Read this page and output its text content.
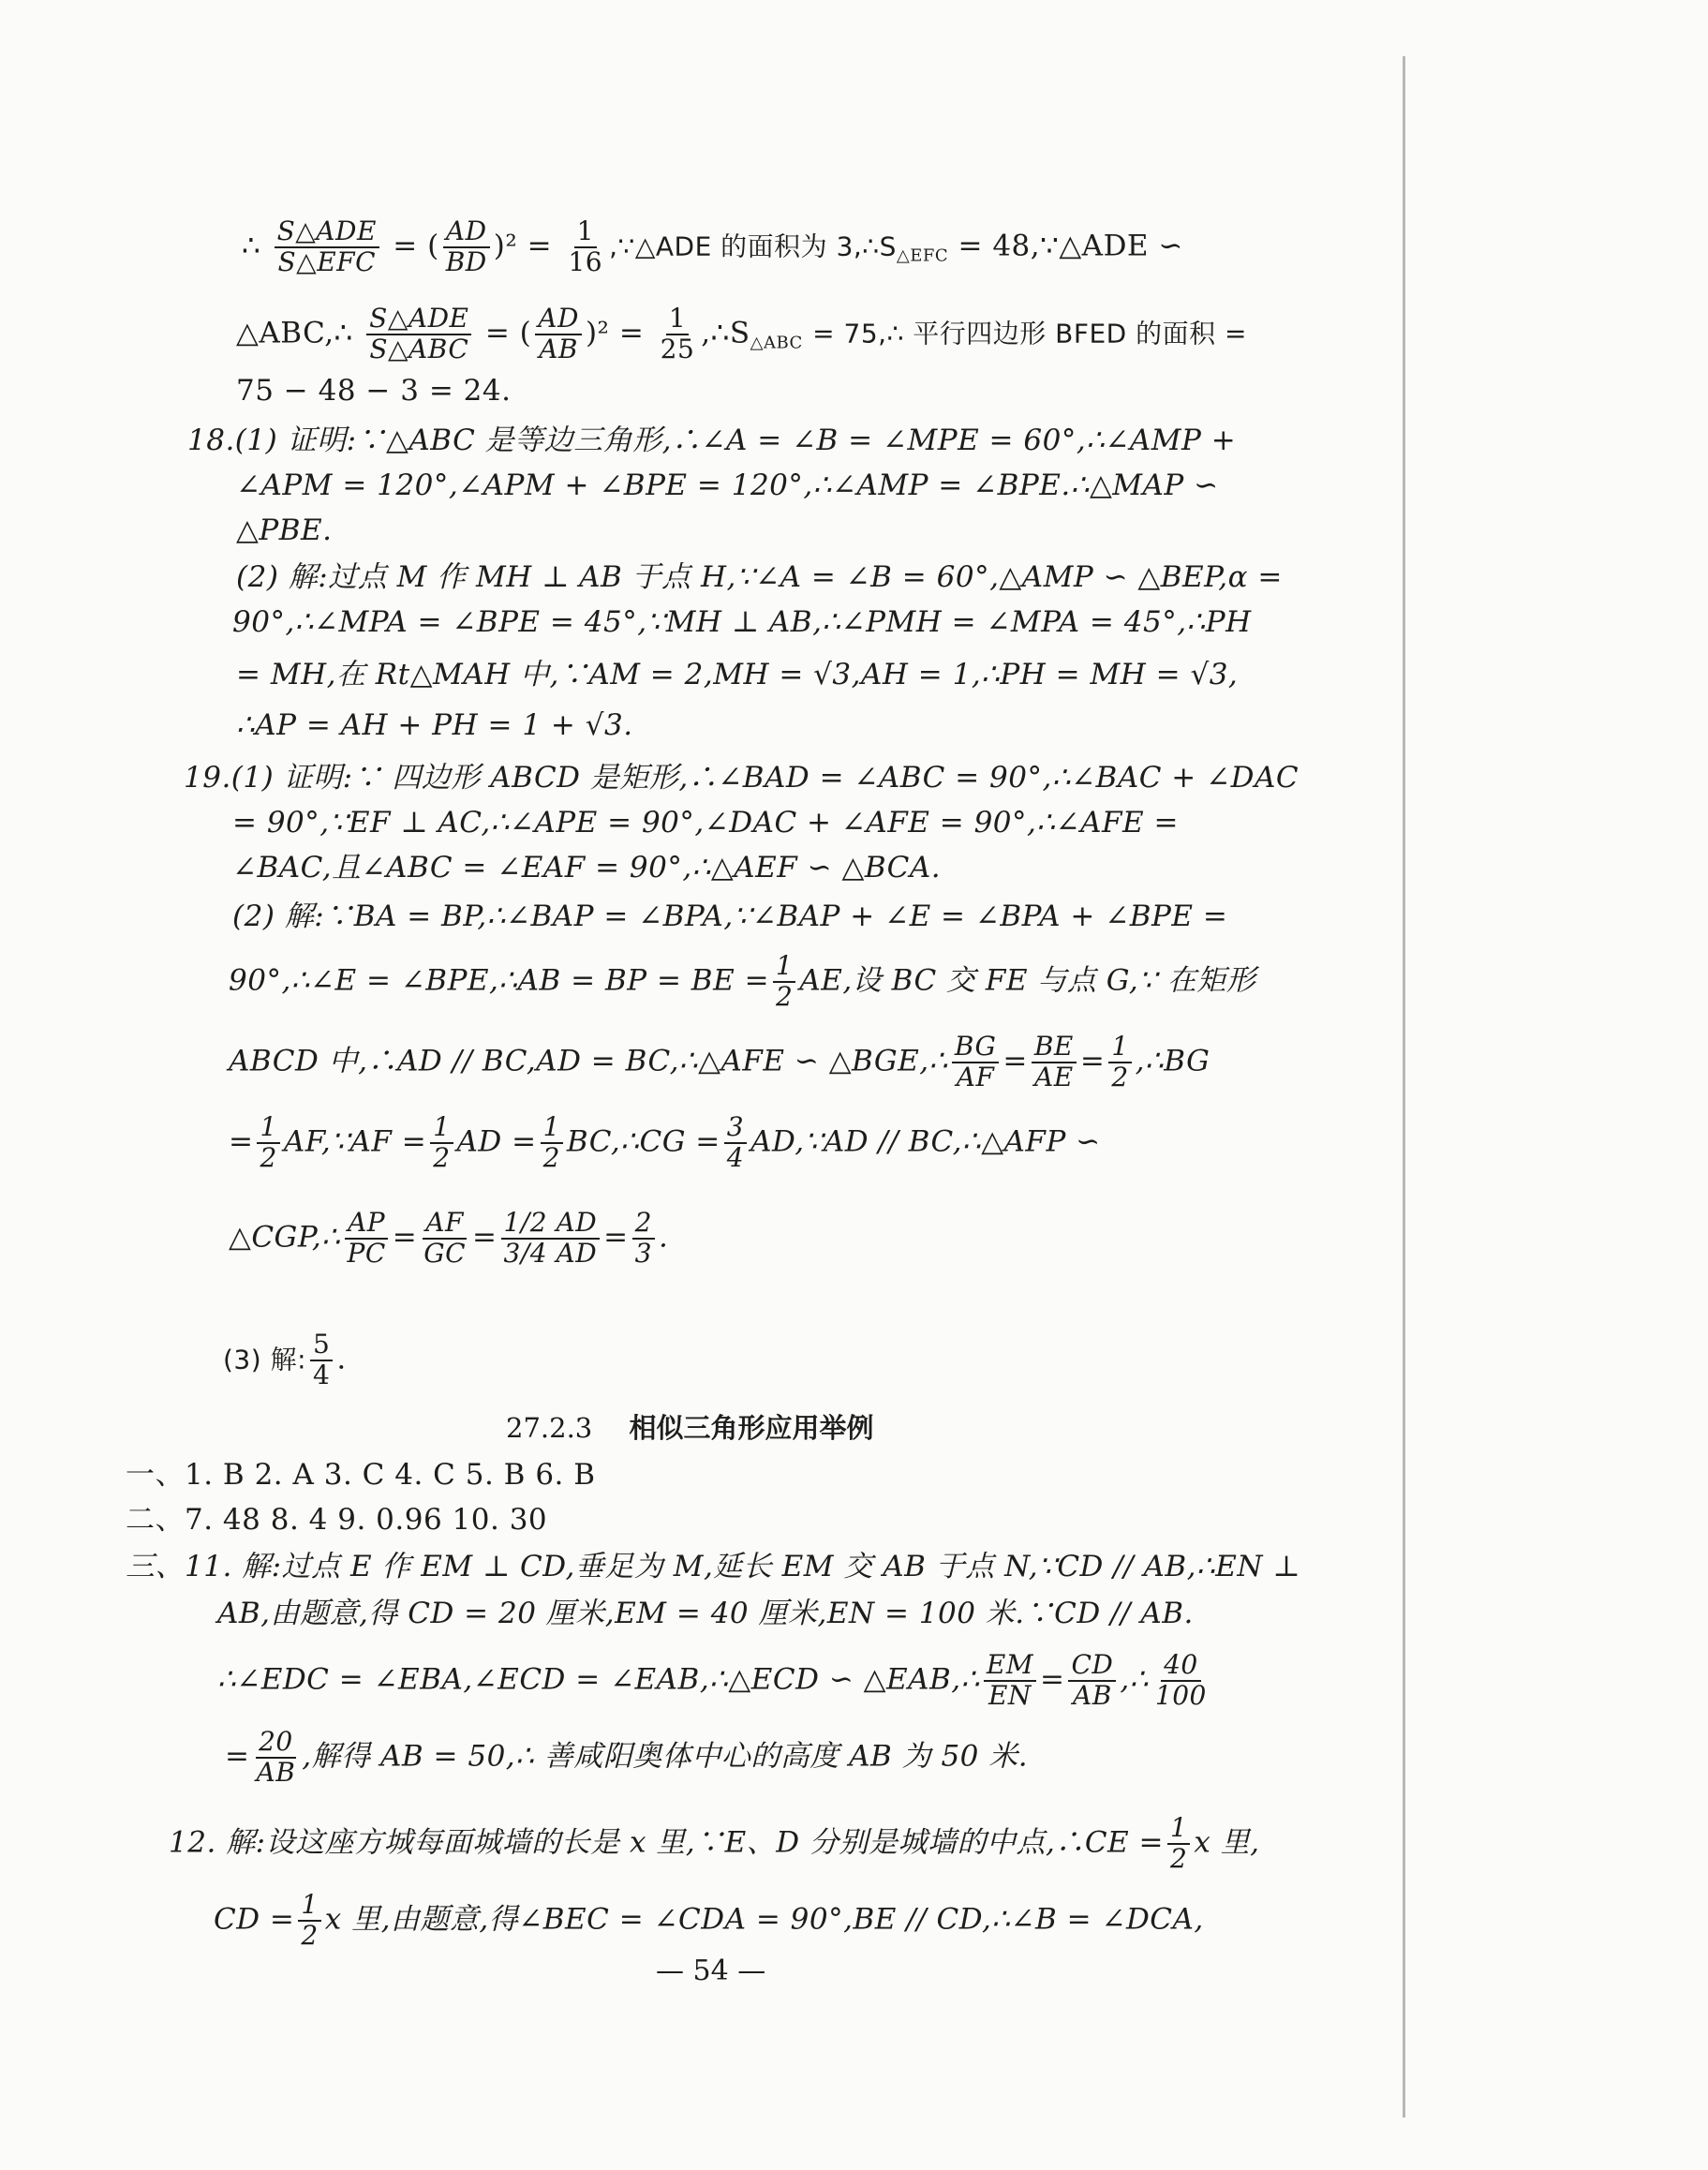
∴ $\frac{\text{S△ADE}}{\text{S△EFC}}$ = ( $\frac{AD}{BD} )^2 = \frac{1}{16}$ ,∵△ADE 的面积为 $3,\therefore S_{\triangle EFC}$ = 48,∵△ADE ∽
△ABC,∴ $\frac{\text{S△ADE}}{\text{S△ABC}}$ = ( $\frac{AD}{AB} )^2 = \frac{1}{25}$ $,\therefore S_{\triangle ABC}$ = 75,∴ 平行四边形 BFED 的面积 =
75 − 48 − 3 = 24.
18.(1) 证明:∵△ABC 是等边三角形,∴∠A = ∠B = ∠MPE = 60°,∴∠AMP +
∠APM = 120°,∠APM + ∠BPE = 120°,∴∠AMP = ∠BPE.∴△MAP ∽
△PBE.
(2) 解:过点 M 作 MH ⊥ AB 于点 H,∵∠A = ∠B = 60°,△AMP ∽ △BEP,α =
90°,∴∠MPA = ∠BPE = 45°,∵MH ⊥ AB,∴∠PMH = ∠MPA = 45°,∴PH
= MH,在 Rt△MAH 中,∵AM = 2,MH = √3,AH = 1,∴PH = MH = √3,
∴AP = AH + PH = 1 + √3.
19.(1) 证明:∵ 四边形 ABCD 是矩形,∴∠BAD = ∠ABC = 90°,∴∠BAC + ∠DAC
= 90°,∵EF ⊥ AC,∴∠APE = 90°,∠DAC + ∠AFE = 90°,∴∠AFE =
∠BAC,且∠ABC = ∠EAF = 90°,∴△AEF ∽ △BCA.
(2) 解:∵BA = BP,∴∠BAP = ∠BPA,∵∠BAP + ∠E = ∠BPA + ∠BPE =
90°,∴∠E = ∠BPE,∴AB = BP = BE = $\frac{1}{2}$ AE,设 BC 交 FE 与点 G,∵ 在矩形
ABCD 中,∴AD // BC,AD = BC,∴△AFE ∽ △BGE,∴ $\frac{BG}{AF} = \frac{BE}{AE} = \frac{1}{2}$ ,∴BG
= $\frac{1}{2}$ AF,∵AF = $\frac{1}{2}$ AD = $\frac{1}{2}$ BC,∴CG = $\frac{3}{4}$ AD,∵AD // BC,∴△AFP ∽
△CGP,∴ $\frac{AP}{PC} = \frac{AF}{GC} = \frac{1/2 AD}{3/4 AD} = \frac{2}{3}$ .
(3) 解: $\frac{5}{4}$ .
27.2.3 相似三角形应用举例
一、1. B 2. A 3. C 4. C 5. B 6. B
二、7. 48 8. 4 9. 0.96 10. 30
三、11. 解:过点 E 作 EM ⊥ CD,垂足为 M,延长 EM 交 AB 于点 N,∵CD // AB,∴EN ⊥
AB,由题意,得 CD = 20 厘米,EM = 40 厘米,EN = 100 米.∵CD // AB.
∴∠EDC = ∠EBA,∠ECD = ∠EAB,∴△ECD ∽ △EAB,∴ $\frac{EM}{EN} = \frac{CD}{AB}$ ,∴ $\frac{40}{100}$
= $\frac{20}{AB}$ ,解得 AB = 50,∴ 善咸阳奥体中心的高度 AB 为 50 米.
12. 解:设这座方城每面城墙的长是 x 里,∵E、D 分别是城墙的中点,∴CE = $\frac{1}{2}$ x 里,
CD = $\frac{1}{2}$ x 里,由题意,得∠BEC = ∠CDA = 90°,BE // CD,∴∠B = ∠DCA,
— 54 —
